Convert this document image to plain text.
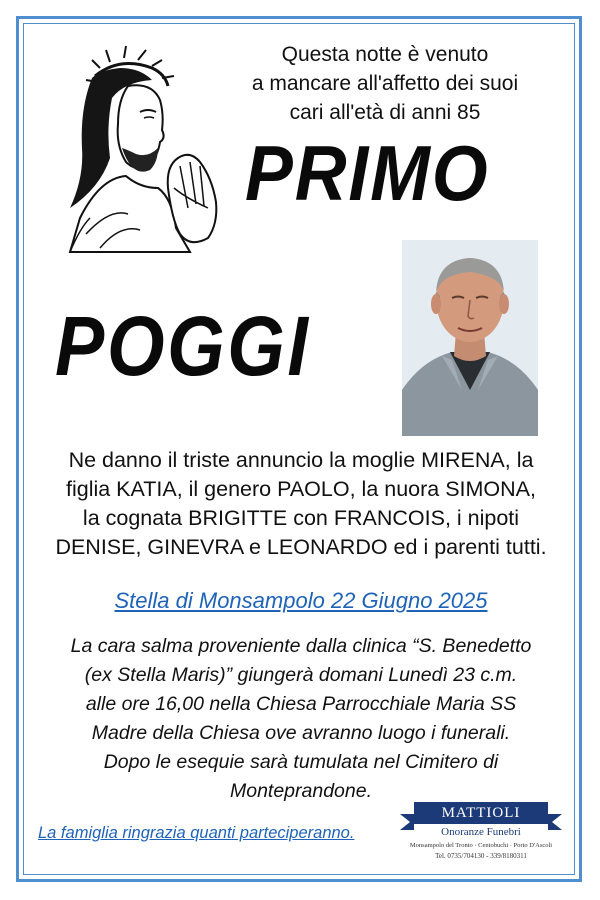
Questa notte è venuto
a mancare all'affetto dei suoi
cari all'età di anni 85
PRIMO
POGGI
Ne danno il triste annuncio la moglie MIRENA, la
figlia KATIA, il genero PAOLO, la nuora SIMONA,
la cognata BRIGITTE con FRANCOIS, i nipoti
DENISE, GINEVRA e LEONARDO ed i parenti tutti.
Stella di Monsampolo 22 Giugno 2025
La cara salma proveniente dalla clinica “S. Benedetto
(ex Stella Maris)” giungerà domani Lunedì 23 c.m.
alle ore 16,00 nella Chiesa Parrocchiale Maria SS
Madre della Chiesa ove avranno luogo i funerali.
Dopo le esequie sarà tumulata nel Cimitero di
Monteprandone.
La famiglia ringrazia quanti parteciperanno.
MATTIOLI
Onoranze Funebri
Monsampolo del Tronto · Centobuchi · Porto D'Ascoli
Tel. 0735/704130 - 339/8180311
